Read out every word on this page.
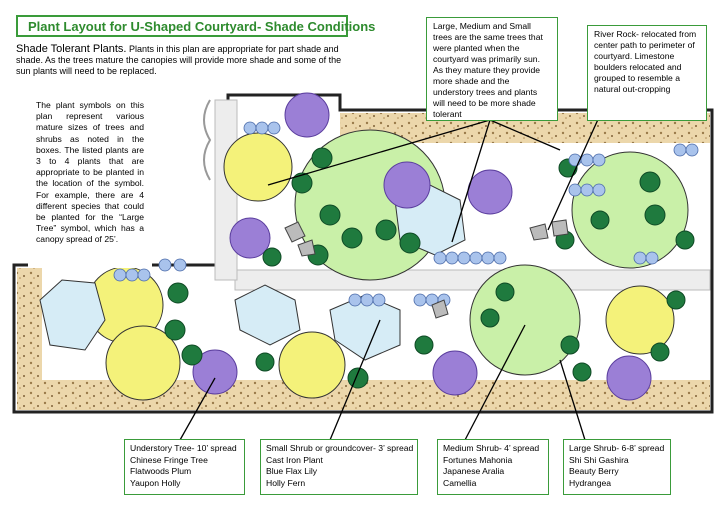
Plant Layout for U-Shaped Courtyard- Shade Conditions
Shade Tolerant Plants. Plants in this plan are appropriate for part shade and shade. As the trees mature the canopies will provide more shade and some of the sun plants will need to be replaced.
The plant symbols on this plan represent various mature sizes of trees and shrubs as noted in the boxes. The listed plants are 3 to 4 plants that are appropriate to be planted in the location of the symbol. For example, there are 4 different species that could be planted for the “Large Tree” symbol, which has a canopy spread of 25’.
Large, Medium and Small trees are the same trees that were planted when the courtyard was primarily sun. As they mature they provide more shade and the understory trees and plants will need to be more shade tolerant
River Rock- relocated from center path to perimeter of courtyard. Limestone boulders relocated and grouped to resemble a natural out-cropping
Understory Tree- 10’ spread
Chinese Fringe Tree
Flatwoods Plum
Yaupon Holly
Small Shrub or groundcover- 3’ spread
Cast Iron Plant
Blue Flax Lily
Holly Fern
Medium Shrub- 4’ spread
Fortunes Mahonia
Japanese Aralia
Camellia
Large Shrub- 6-8’ spread
Shi Shi Gashira
Beauty Berry
Hydrangea
